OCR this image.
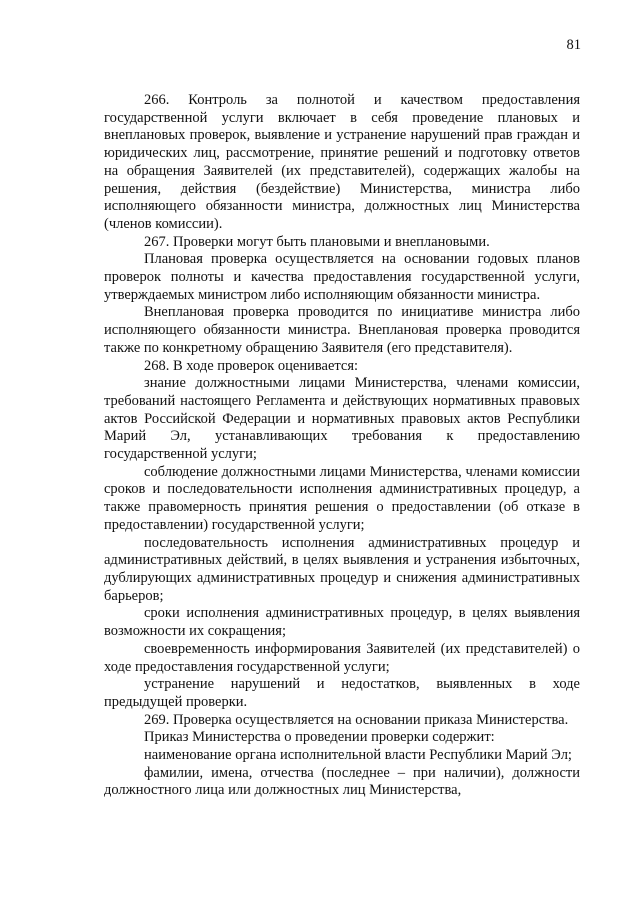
81

266. Контроль за полнотой и качеством предоставления государственной услуги включает в себя проведение плановых и внеплановых проверок, выявление и устранение нарушений прав граждан и юридических лиц, рассмотрение, принятие решений и подготовку ответов на обращения Заявителей (их представителей), содержащих жалобы на решения, действия (бездействие) Министерства, министра либо исполняющего обязанности министра, должностных лиц Министерства (членов комиссии).

267. Проверки могут быть плановыми и внеплановыми.

Плановая проверка осуществляется на основании годовых планов проверок полноты и качества предоставления государственной услуги, утверждаемых министром либо исполняющим обязанности министра.

Внеплановая проверка проводится по инициативе министра либо исполняющего обязанности министра. Внеплановая проверка проводится также по конкретному обращению Заявителя (его представителя).

268. В ходе проверок оценивается:

знание должностными лицами Министерства, членами комиссии, требований настоящего Регламента и действующих нормативных правовых актов Российской Федерации и нормативных правовых актов Республики Марий Эл, устанавливающих требования к предоставлению государственной услуги;

соблюдение должностными лицами Министерства, членами комиссии сроков и последовательности исполнения административных процедур, а также правомерность принятия решения о предоставлении (об отказе в предоставлении) государственной услуги;

последовательность исполнения административных процедур и административных действий, в целях выявления и устранения избыточных, дублирующих административных процедур и снижения административных барьеров;

сроки исполнения административных процедур, в целях выявления возможности их сокращения;

своевременность информирования Заявителей (их представителей) о ходе предоставления государственной услуги;

устранение нарушений и недостатков, выявленных в ходе предыдущей проверки.

269. Проверка осуществляется на основании приказа Министерства.

Приказ Министерства о проведении проверки содержит:

наименование органа исполнительной власти Республики Марий Эл;

фамилии, имена, отчества (последнее – при наличии), должности должностного лица или должностных лиц Министерства,
